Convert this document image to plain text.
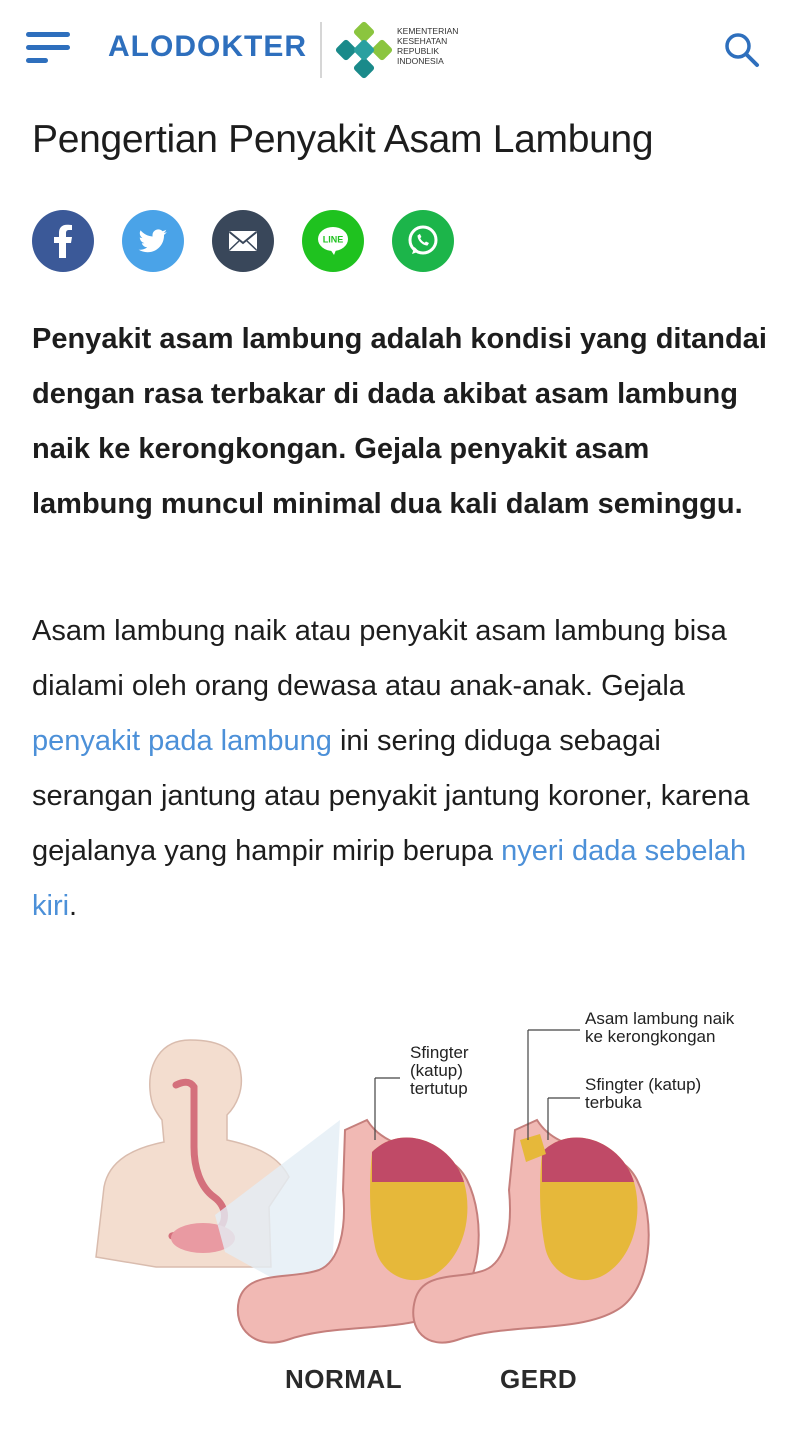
ALODOKTER	KEMENTERIAN
KESEHATAN
REPUBLIK
INDONESIA
Pengertian Penyakit Asam Lambung
LINE

Penyakit asam lambung adalah kondisi yang ditandai dengan rasa terbakar di dada akibat asam lambung naik ke kerongkongan. Gejala penyakit asam lambung muncul minimal dua kali dalam seminggu.

Asam lambung naik atau penyakit asam lambung bisa dialami oleh orang dewasa atau anak-anak. Gejala penyakit pada lambung ini sering diduga sebagai serangan jantung atau penyakit jantung koroner, karena gejalanya yang hampir mirip berupa nyeri dada sebelah kiri.

Sfingter
(katup)
tertutup
Asam lambung naik
ke kerongkongan
Sfingter (katup)
terbuka
NORMAL	GERD
